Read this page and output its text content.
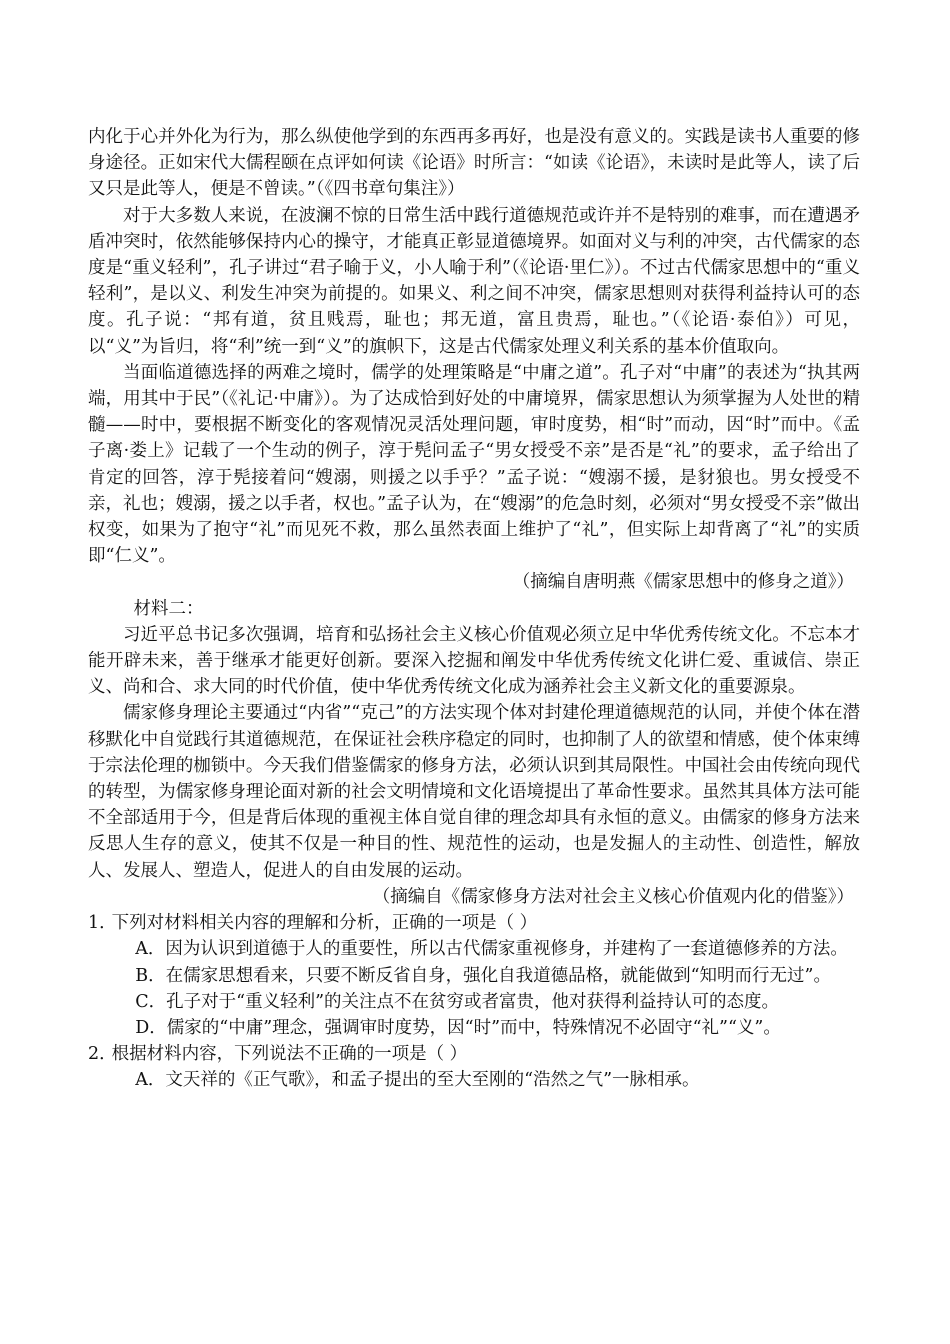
内化于心并外化为行为，那么纵使他学到的东西再多再好，也是没有意义的。实践是读书人重要的修身途径。正如宋代大儒程颐在点评如何读《论语》时所言：“如读《论语》，未读时是此等人，读了后又只是此等人，便是不曾读。”（《四书章句集注》）

对于大多数人来说，在波澜不惊的日常生活中践行道德规范或许并不是特别的难事，而在遭遇矛盾冲突时，依然能够保持内心的操守，才能真正彰显道德境界。如面对义与利的冲突，古代儒家的态度是“重义轻利”，孔子讲过“君子喻于义，小人喻于利”（《论语·里仁》）。不过古代儒家思想中的“重义轻利”，是以义、利发生冲突为前提的。如果义、利之间不冲突，儒家思想则对获得利益持认可的态度。孔子说：“邦有道，贫且贱焉，耻也；邦无道，富且贵焉，耻也。”（《论语·泰伯》）可见，以“义”为旨归，将“利”统一到“义”的旗帜下，这是古代儒家处理义利关系的基本价值取向。

当面临道德选择的两难之境时，儒学的处理策略是“中庸之道”。孔子对“中庸”的表述为“执其两端，用其中于民”（《礼记·中庸》）。为了达成恰到好处的中庸境界，儒家思想认为须掌握为人处世的精髓——时中，要根据不断变化的客观情况灵活处理问题，审时度势，相“时”而动，因“时”而中。《孟子离·娄上》记载了一个生动的例子，淳于髡问孟子“男女授受不亲”是否是“礼”的要求，孟子给出了肯定的回答，淳于髡接着问“嫂溺，则援之以手乎？”孟子说：“嫂溺不援，是豺狼也。男女授受不亲，礼也；嫂溺，援之以手者，权也。”孟子认为，在“嫂溺”的危急时刻，必须对“男女授受不亲”做出权变，如果为了抱守“礼”而见死不救，那么虽然表面上维护了“礼”，但实际上却背离了“礼”的实质即“仁义”。

（摘编自唐明燕《儒家思想中的修身之道》）

材料二：

习近平总书记多次强调，培育和弘扬社会主义核心价值观必须立足中华优秀传统文化。不忘本才能开辟未来，善于继承才能更好创新。要深入挖掘和阐发中华优秀传统文化讲仁爱、重诚信、崇正义、尚和合、求大同的时代价值，使中华优秀传统文化成为涵养社会主义新文化的重要源泉。

儒家修身理论主要通过“内省”“克己”的方法实现个体对封建伦理道德规范的认同，并使个体在潜移默化中自觉践行其道德规范，在保证社会秩序稳定的同时，也抑制了人的欲望和情感，使个体束缚于宗法伦理的枷锁中。今天我们借鉴儒家的修身方法，必须认识到其局限性。中国社会由传统向现代的转型，为儒家修身理论面对新的社会文明情境和文化语境提出了革命性要求。虽然其具体方法可能不全部适用于今，但是背后体现的重视主体自觉自律的理念却具有永恒的意义。由儒家的修身方法来反思人生存的意义，使其不仅是一种目的性、规范性的运动，也是发掘人的主动性、创造性，解放人、发展人、塑造人，促进人的自由发展的运动。

（摘编自《儒家修身方法对社会主义核心价值观内化的借鉴》）

1．

下列对材料相关内容的理解和分析，正确的一项是（ ）

A．因为认识到道德于人的重要性，所以古代儒家重视修身，并建构了一套道德修养的方法。

B．在儒家思想看来，只要不断反省自身，强化自我道德品格，就能做到“知明而行无过”。

C．孔子对于“重义轻利”的关注点不在贫穷或者富贵，他对获得利益持认可的态度。

D．儒家的“中庸”理念，强调审时度势，因“时”而中，特殊情况不必固守“礼”“义”。

2．

根据材料内容，下列说法不正确的一项是（ ）

A．文天祥的《正气歌》，和孟子提出的至大至刚的“浩然之气”一脉相承。
